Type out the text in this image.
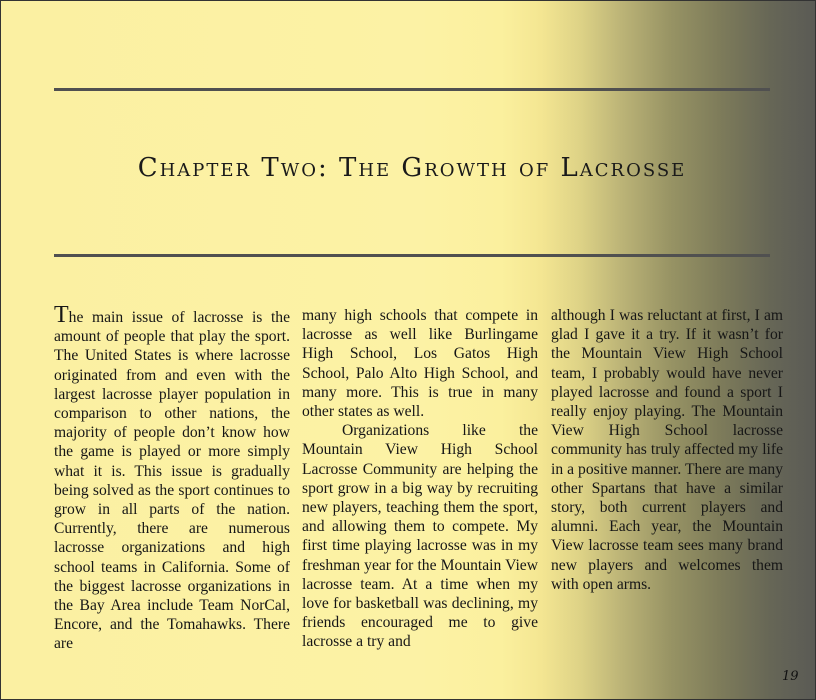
Chapter Two: The Growth of Lacrosse

The main issue of lacrosse is the amount of people that play the sport. The United States is where lacrosse originated from and even with the largest lacrosse player population in comparison to other nations, the majority of people don’t know how the game is played or more simply what it is. This issue is gradually being solved as the sport continues to grow in all parts of the nation. Currently, there are numerous lacrosse organizations and high school teams in California. Some of the biggest lacrosse organizations in the Bay Area include Team NorCal, Encore, and the Tomahawks. There are

many high schools that compete in lacrosse as well like Burlingame High School, Los Gatos High School, Palo Alto High School, and many more. This is true in many other states as well.

Organizations like the Mountain View High School Lacrosse Community are helping the sport grow in a big way by recruiting new players, teaching them the sport, and allowing them to compete. My first time playing lacrosse was in my freshman year for the Mountain View lacrosse team. At a time when my love for basketball was declining, my friends encouraged me to give lacrosse a try and

although I was reluctant at first, I am glad I gave it a try. If it wasn’t for the Mountain View High School team, I probably would have never played lacrosse and found a sport I really enjoy playing. The Mountain View High School lacrosse community has truly affected my life in a positive manner. There are many other Spartans that have a similar story, both current players and alumni. Each year, the Mountain View lacrosse team sees many brand new players and welcomes them with open arms.

19
